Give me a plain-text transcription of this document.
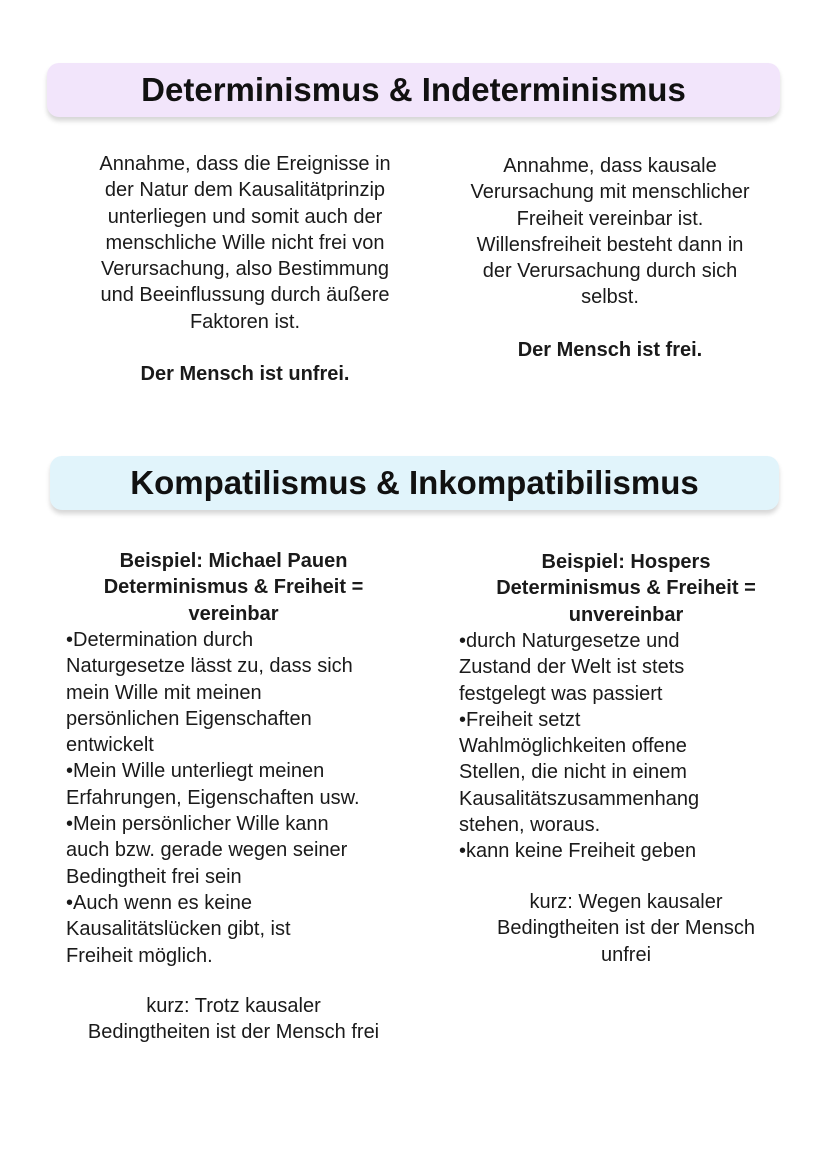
Determinismus & Indeterminismus
Annahme, dass die Ereignisse in
der Natur dem Kausalitätprinzip
unterliegen und somit auch der
menschliche Wille nicht frei von
Verursachung, also Bestimmung
und Beeinflussung durch äußere
Faktoren ist.
Der Mensch ist unfrei.
Annahme, dass kausale
Verursachung mit menschlicher
Freiheit vereinbar ist.
Willensfreiheit besteht dann in
der Verursachung durch sich
selbst.
Der Mensch ist frei.
Kompatilismus & Inkompatibilismus
Beispiel: Michael Pauen
Determinismus & Freiheit =
vereinbar
•Determination durch
Naturgesetze lässt zu, dass sich
mein Wille mit meinen
persönlichen Eigenschaften
entwickelt
•Mein Wille unterliegt meinen
Erfahrungen, Eigenschaften usw.
•Mein persönlicher Wille kann
auch bzw. gerade wegen seiner
Bedingtheit frei sein
•Auch wenn es keine
Kausalitätslücken gibt, ist
Freiheit möglich.
kurz: Trotz kausaler
Bedingtheiten ist der Mensch frei
Beispiel: Hospers
Determinismus & Freiheit =
unvereinbar
•durch Naturgesetze und
Zustand der Welt ist stets
festgelegt was passiert
•Freiheit setzt
Wahlmöglichkeiten offene
Stellen, die nicht in einem
Kausalitätszusammenhang
stehen, woraus.
•kann keine Freiheit geben
kurz: Wegen kausaler
Bedingtheiten ist der Mensch
unfrei
